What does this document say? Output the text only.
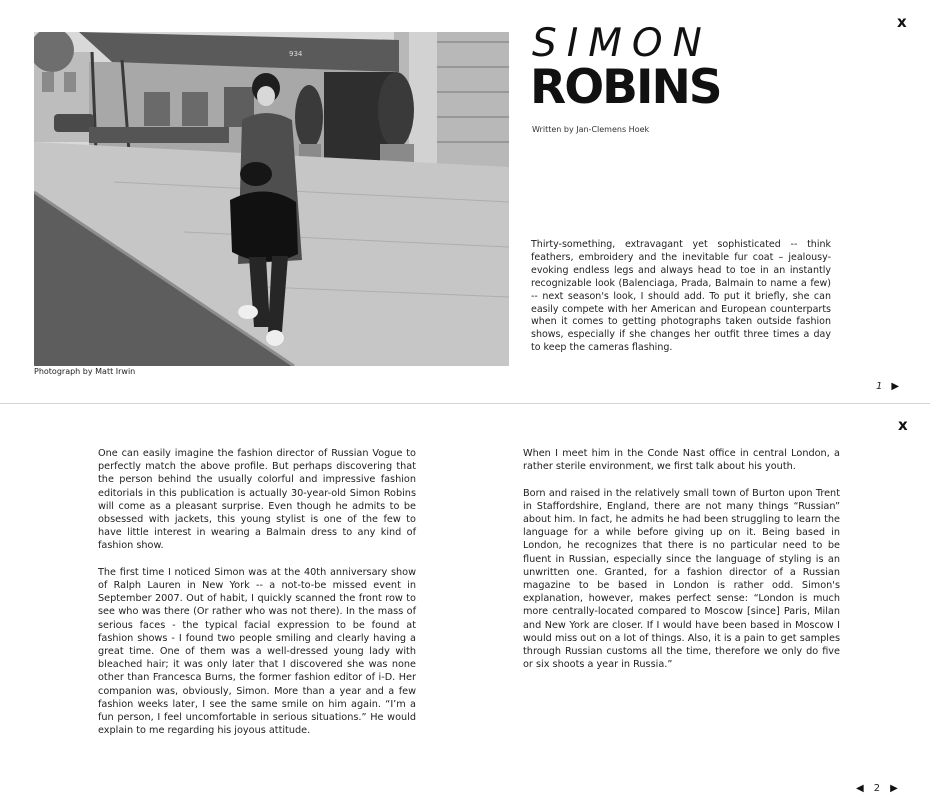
x
934
Photograph by Matt Irwin
SIMON
ROBINS
Written by Jan-Clemens Hoek
Thirty-something, extravagant yet sophisticated -- think feathers, embroidery and the inevitable fur coat – jealousy-evoking endless legs and always head to toe in an instantly recognizable look (Balenciaga, Prada, Balmain to name a few) -- next season's look, I should add. To put it briefly, she can easily compete with her American and European counterparts when it comes to getting photographs taken outside fashion shows, especially if she changes her outfit three times a day to keep the cameras flashing.
1 ▶
x

One can easily imagine the fashion director of Russian Vogue to perfectly match the above profile. But perhaps discovering that the person behind the usually colorful and impressive fashion editorials in this publication is actually 30-year-old Simon Robins will come as a pleasant surprise. Even though he admits to be obsessed with jackets, this young stylist is one of the few to have little interest in wearing a Balmain dress to any kind of fashion show.

The first time I noticed Simon was at the 40th anniversary show of Ralph Lauren in New York -- a not-to-be missed event in September 2007. Out of habit, I quickly scanned the front row to see who was there (Or rather who was not there). In the mass of serious faces - the typical facial expression to be found at fashion shows - I found two people smiling and clearly having a great time. One of them was a well-dressed young lady with bleached hair; it was only later that I discovered she was none other than Francesca Burns, the former fashion editor of i-D. Her companion was, obviously, Simon. More than a year and a few fashion weeks later, I see the same smile on him again. “I’m a fun person, I feel uncomfortable in serious situations.” He would explain to me regarding his joyous attitude.

When I meet him in the Conde Nast office in central London, a rather sterile environment, we first talk about his youth.

Born and raised in the relatively small town of Burton upon Trent in Staffordshire, England, there are not many things “Russian” about him. In fact, he admits he had been struggling to learn the language for a while before giving up on it. Being based in London, he recognizes that there is no particular need to be fluent in Russian, especially since the language of styling is an unwritten one. Granted, for a fashion director of a Russian magazine to be based in London is rather odd. Simon's explanation, however, makes perfect sense: “London is much more centrally-located compared to Moscow [since] Paris, Milan and New York are closer. If I would have been based in Moscow I would miss out on a lot of things. Also, it is a pain to get samples through Russian customs all the time, therefore we only do five or six shoots a year in Russia.”

◀ 2 ▶
